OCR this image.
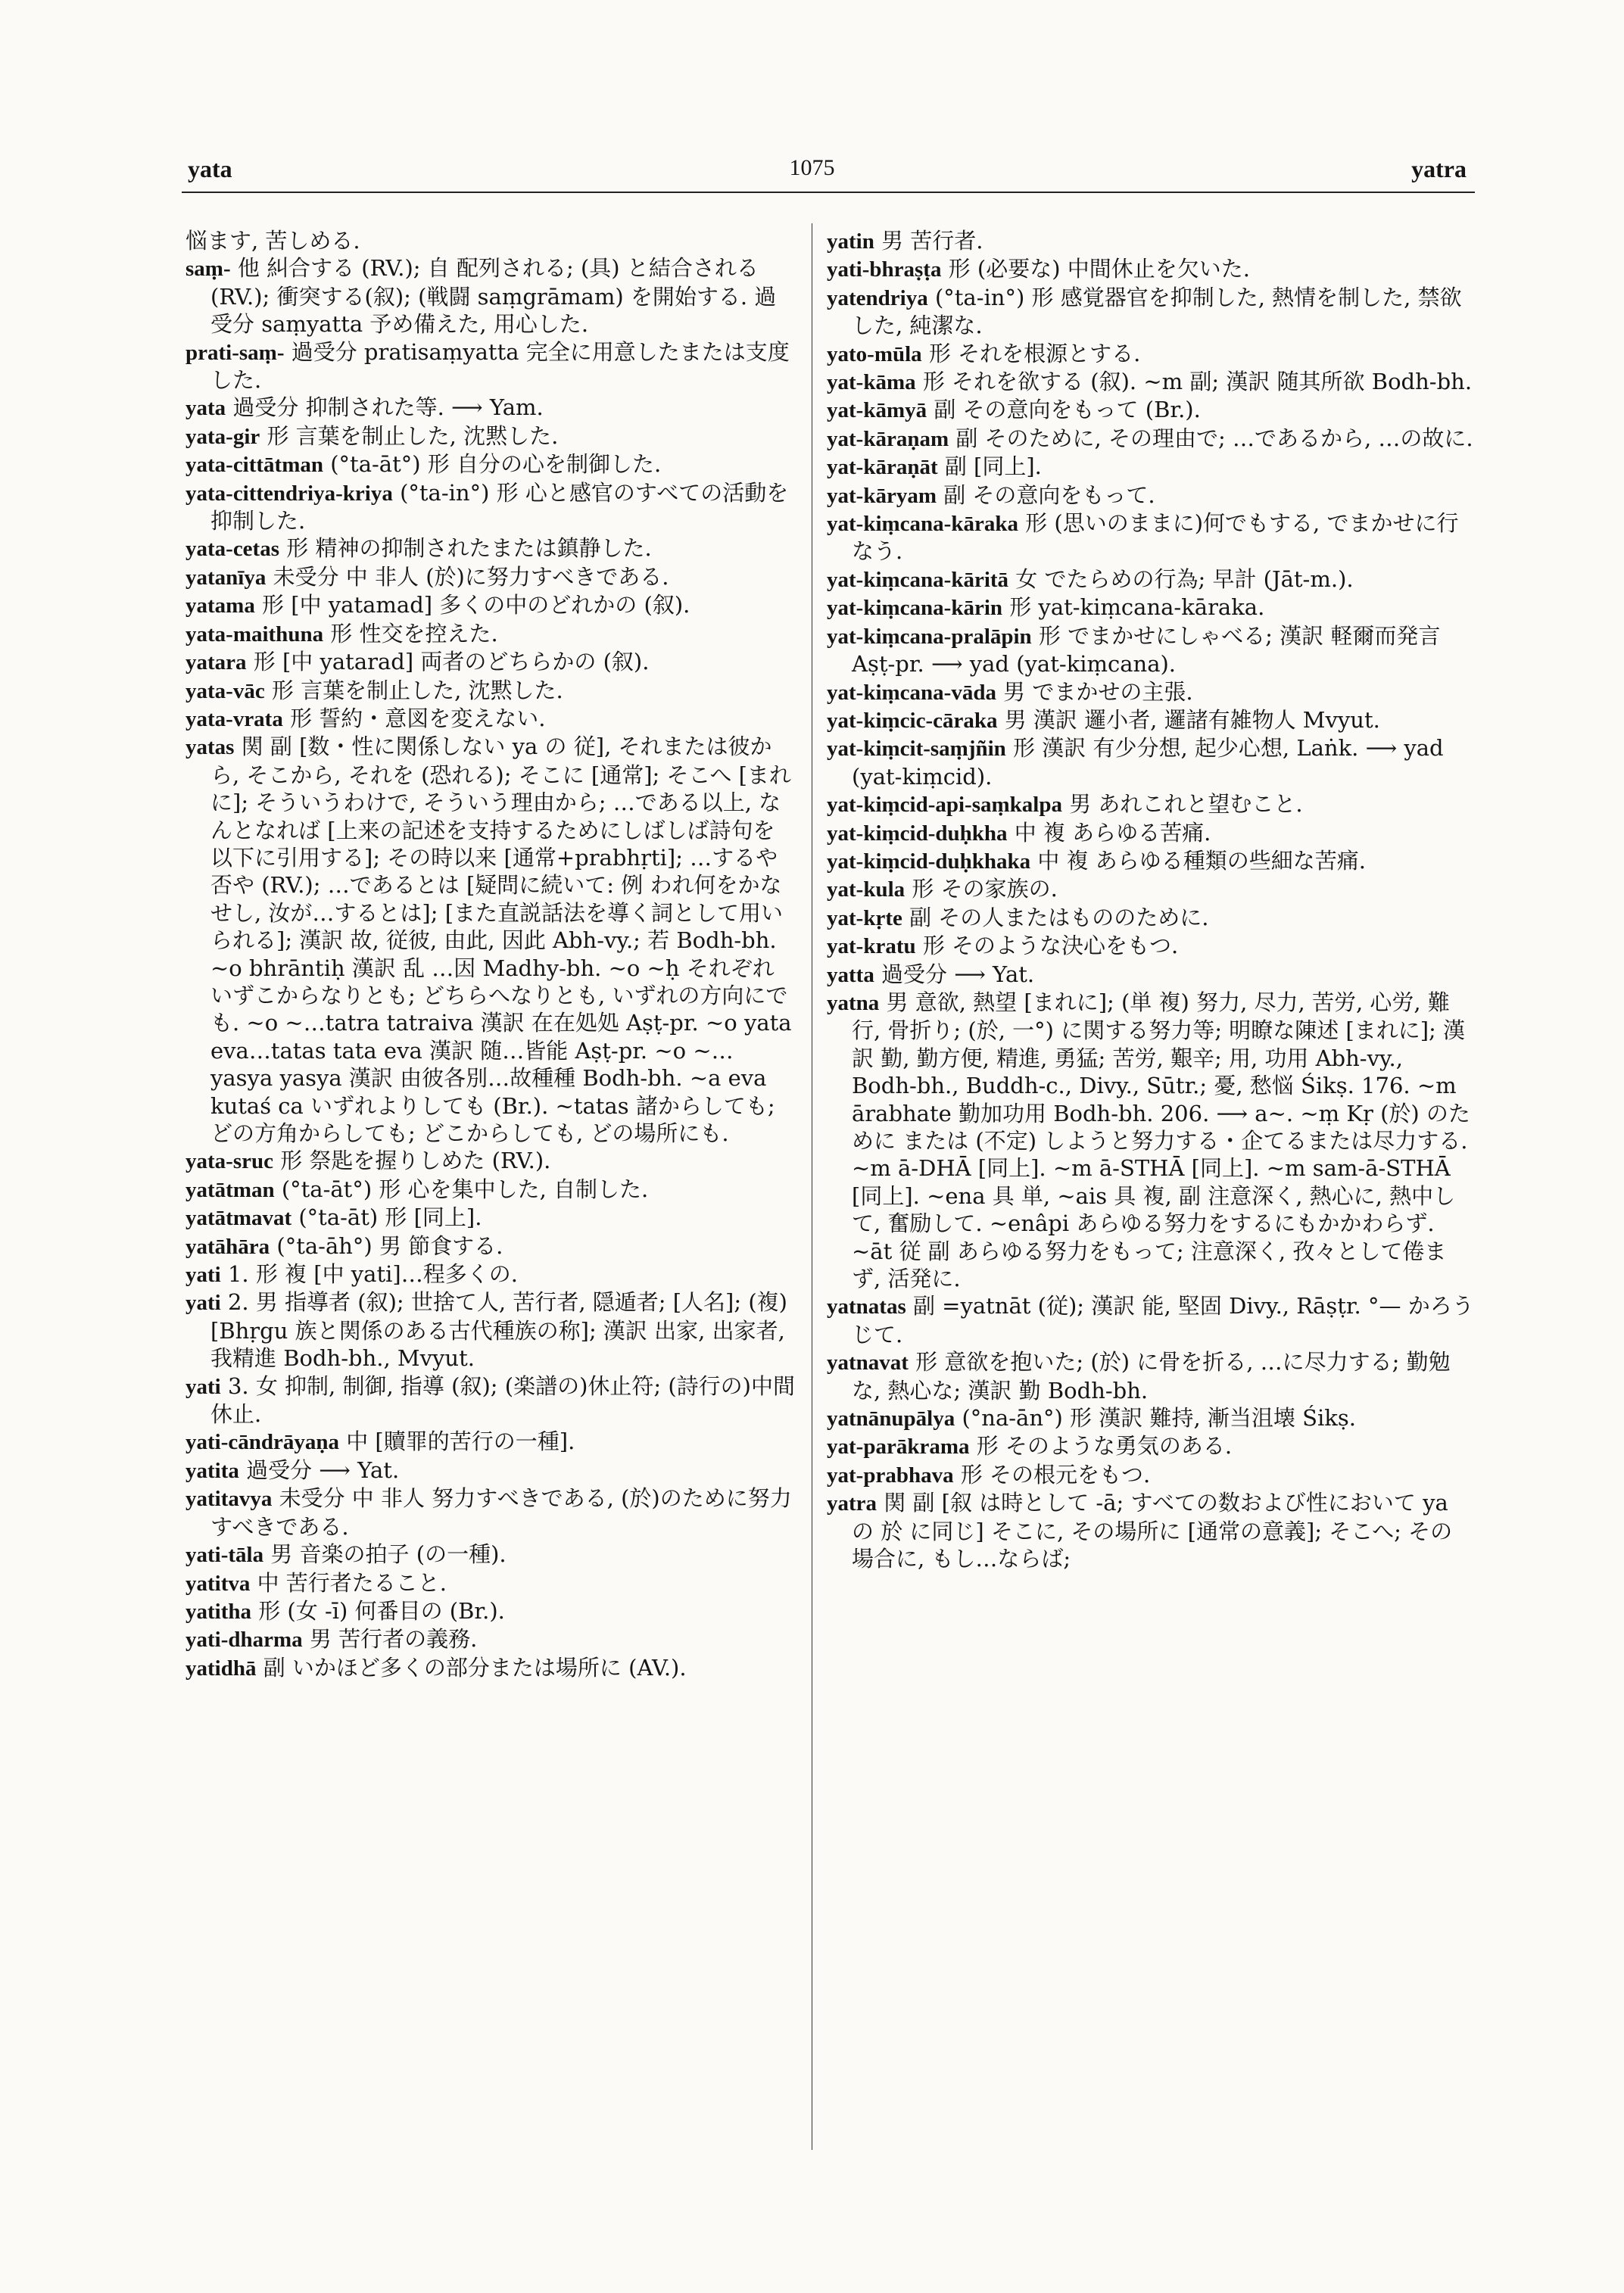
yata	1075	yatra
悩ます, 苦しめる.
saṃ- 他 糾合する (RV.); 自 配列される; (具) と結合される (RV.); 衝突する(叙); (戦闘 saṃgrāmam) を開始する. 過受分 saṃyatta 予め備えた, 用心した.
prati-saṃ- 過受分 pratisaṃyatta 完全に用意したまたは支度した.
yata 過受分 抑制された等. ⟶ Yam.
yata-gir 形 言葉を制止した, 沈黙した.
yata-cittātman (°ta-āt°) 形 自分の心を制御した.
yata-cittendriya-kriya (°ta-in°) 形 心と感官のすべての活動を抑制した.
yata-cetas 形 精神の抑制されたまたは鎮静した.
yatanīya 未受分 中 非人 (於)に努力すべきである.
yatama 形 [中 yatamad] 多くの中のどれかの (叙).
yata-maithuna 形 性交を控えた.
yatara 形 [中 yatarad] 両者のどちらかの (叙).
yata-vāc 形 言葉を制止した, 沈黙した.
yata-vrata 形 誓約・意図を変えない.
yatas 関 副 [数・性に関係しない ya の 従], それまたは彼から, そこから, それを (恐れる); そこに [通常]; そこへ [まれに]; そういうわけで, そういう理由から; …である以上, なんとなれば [上来の記述を支持するためにしばしば詩句を以下に引用する]; その時以来 [通常+prabhṛti]; …するや否や (RV.); …であるとは [疑問に続いて: 例 われ何をかなせし, 汝が…するとは]; [また直説話法を導く詞として用いられる]; 漢訳 故, 従彼, 由此, 因此 Abh-vy.; 若 Bodh-bh. ~o bhrāntiḥ 漢訳 乱 …因 Madhy-bh. ~o ~ḥ それぞれいずこからなりとも; どちらへなりとも, いずれの方向にでも. ~o ~…tatra tatraiva 漢訳 在在処処 Aṣṭ-pr. ~o yata eva…tatas tata eva 漢訳 随…皆能 Aṣṭ-pr. ~o ~…yasya yasya 漢訳 由彼各別…故種種 Bodh-bh. ~a eva kutaś ca いずれよりしても (Br.). ~tatas 諸からしても; どの方角からしても; どこからしても, どの場所にも.
yata-sruc 形 祭匙を握りしめた (RV.).
yatātman (°ta-āt°) 形 心を集中した, 自制した.
yatātmavat (°ta-āt) 形 [同上].
yatāhāra (°ta-āh°) 男 節食する.
yati 1. 形 複 [中 yati]…程多くの.
yati 2. 男 指導者 (叙); 世捨て人, 苦行者, 隠遁者; [人名]; (複) [Bhṛgu 族と関係のある古代種族の称]; 漢訳 出家, 出家者, 我精進 Bodh-bh., Mvyut.
yati 3. 女 抑制, 制御, 指導 (叙); (楽譜の)休止符; (詩行の)中間休止.
yati-cāndrāyaṇa 中 [贖罪的苦行の一種].
yatita 過受分 ⟶ Yat.
yatitavya 未受分 中 非人 努力すべきである, (於)のために努力すべきである.
yati-tāla 男 音楽の拍子 (の一種).
yatitva 中 苦行者たること.
yatitha 形 (女 -ī) 何番目の (Br.).
yati-dharma 男 苦行者の義務.
yatidhā 副 いかほど多くの部分または場所に (AV.).
yatin 男 苦行者.
yati-bhraṣṭa 形 (必要な) 中間休止を欠いた.
yatendriya (°ta-in°) 形 感覚器官を抑制した, 熱情を制した, 禁欲した, 純潔な.
yato-mūla 形 それを根源とする.
yat-kāma 形 それを欲する (叙). ~m 副; 漢訳 随其所欲 Bodh-bh.
yat-kāmyā 副 その意向をもって (Br.).
yat-kāraṇam 副 そのために, その理由で; …であるから, …の故に.
yat-kāraṇāt 副 [同上].
yat-kāryam 副 その意向をもって.
yat-kiṃcana-kāraka 形 (思いのままに)何でもする, でまかせに行なう.
yat-kiṃcana-kāritā 女 でたらめの行為; 早計 (Jāt-m.).
yat-kiṃcana-kārin 形 yat-kiṃcana-kāraka.
yat-kiṃcana-pralāpin 形 でまかせにしゃべる; 漢訳 軽爾而発言 Aṣṭ-pr. ⟶ yad (yat-kiṃcana).
yat-kiṃcana-vāda 男 でまかせの主張.
yat-kiṃcic-cāraka 男 漢訳 邏小者, 邏諸有雑物人 Mvyut.
yat-kiṃcit-saṃjñin 形 漢訳 有少分想, 起少心想, Laṅk. ⟶ yad (yat-kiṃcid).
yat-kiṃcid-api-saṃkalpa 男 あれこれと望むこと.
yat-kiṃcid-duḥkha 中 複 あらゆる苦痛.
yat-kiṃcid-duḥkhaka 中 複 あらゆる種類の些細な苦痛.
yat-kula 形 その家族の.
yat-kṛte 副 その人またはもののために.
yat-kratu 形 そのような決心をもつ.
yatta 過受分 ⟶ Yat.
yatna 男 意欲, 熱望 [まれに]; (単 複) 努力, 尽力, 苦労, 心労, 難行, 骨折り; (於, 一°) に関する努力等; 明瞭な陳述 [まれに]; 漢訳 勤, 勤方便, 精進, 勇猛; 苦労, 艱辛; 用, 功用 Abh-vy., Bodh-bh., Buddh-c., Divy., Sūtr.; 憂, 愁悩 Śikṣ. 176. ~m ārabhate 勤加功用 Bodh-bh. 206. ⟶ a~. ~ṃ Kṛ (於) のために または (不定) しようと努力する・企てるまたは尽力する. ~m ā-DHĀ [同上]. ~m ā-STHĀ [同上]. ~m sam-ā-STHĀ [同上]. ~ena 具 単, ~ais 具 複, 副 注意深く, 熱心に, 熱中して, 奮励して. ~enâpi あらゆる努力をするにもかかわらず. ~āt 従 副 あらゆる努力をもって; 注意深く, 孜々として倦まず, 活発に.
yatnatas 副 =yatnāt (従); 漢訳 能, 堅固 Divy., Rāṣṭr. °— かろうじて.
yatnavat 形 意欲を抱いた; (於) に骨を折る, …に尽力する; 勤勉な, 熱心な; 漢訳 勤 Bodh-bh.
yatnānupālya (°na-ān°) 形 漢訳 難持, 漸当沮壊 Śikṣ.
yat-parākrama 形 そのような勇気のある.
yat-prabhava 形 その根元をもつ.
yatra 関 副 [叙 は時として -ā; すべての数および性において ya の 於 に同じ] そこに, その場所に [通常の意義]; そこへ; その場合に, もし…ならば;
